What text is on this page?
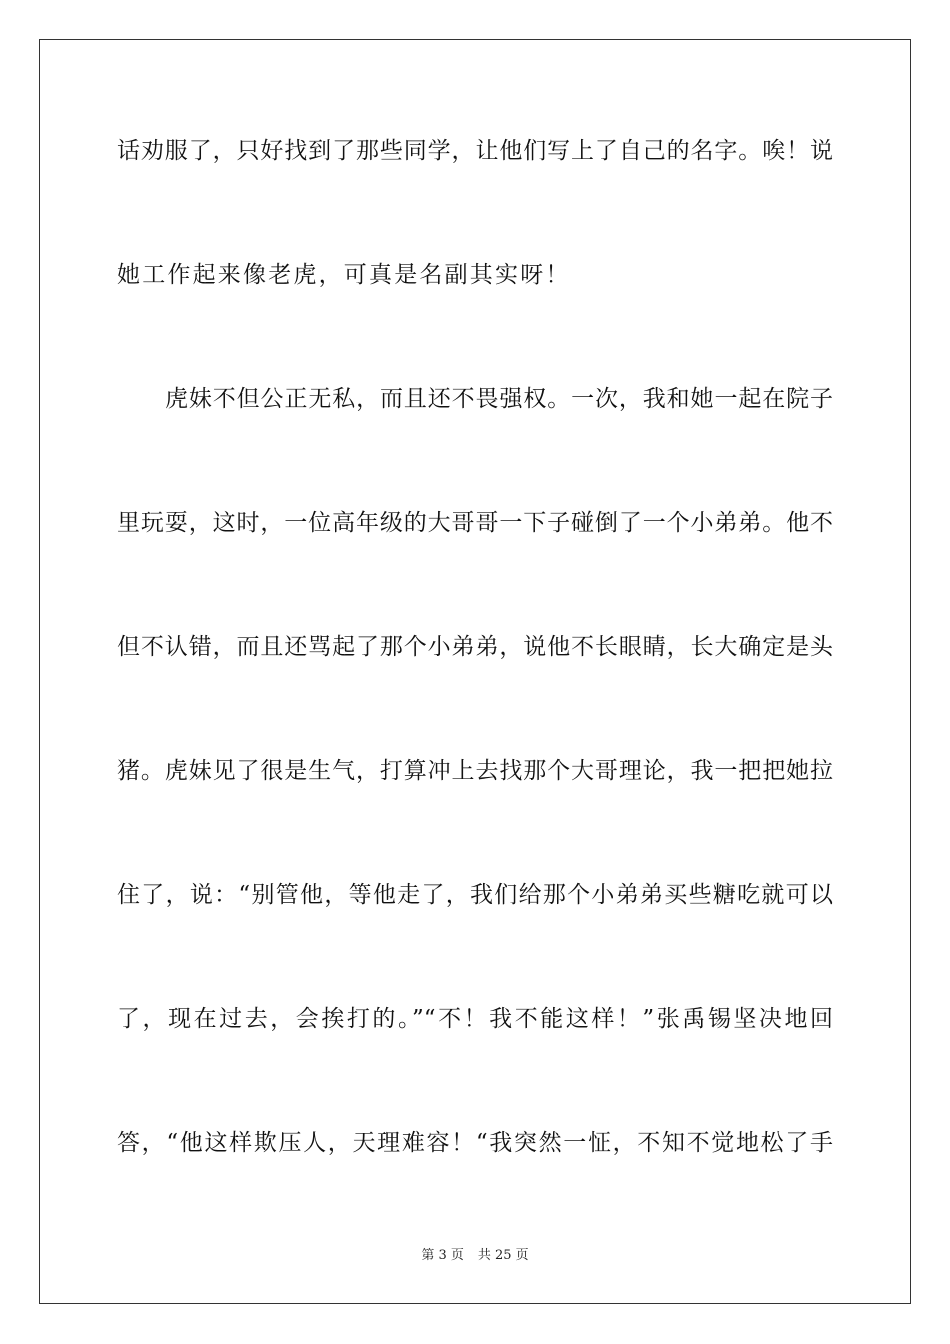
话劝服了，只好找到了那些同学，让他们写上了自己的名字。唉！说
她工作起来像老虎，可真是名副其实呀！
虎妹不但公正无私，而且还不畏强权。一次，我和她一起在院子
里玩耍，这时，一位高年级的大哥哥一下子碰倒了一个小弟弟。他不
但不认错，而且还骂起了那个小弟弟，说他不长眼睛，长大确定是头
猪。虎妹见了很是生气，打算冲上去找那个大哥理论，我一把把她拉
住了，说：“别管他，等他走了，我们给那个小弟弟买些糖吃就可以
了，现在过去，会挨打的。”“不！我不能这样！”张禹锡坚决地回
答，“他这样欺压人，天理难容！“我突然一怔，不知不觉地松了手
第 3 页 共 25 页
